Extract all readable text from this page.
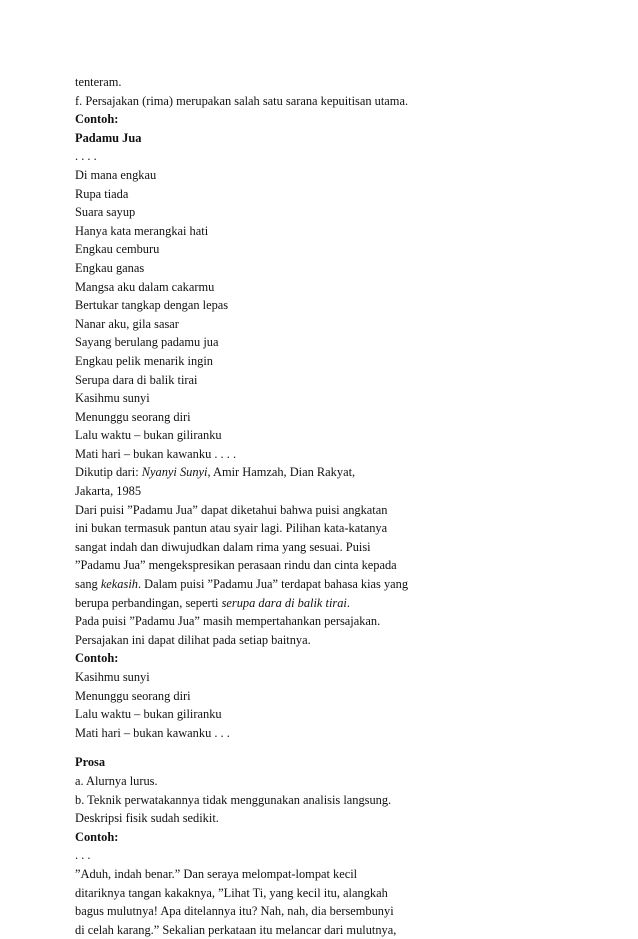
tenteram.
f. Persajakan (rima) merupakan salah satu sarana kepuitisan utama.
Contoh:
Padamu Jua
. . . .
Di mana engkau
Rupa tiada
Suara sayup
Hanya kata merangkai hati
Engkau cemburu
Engkau ganas
Mangsa aku dalam cakarmu
Bertukar tangkap dengan lepas
Nanar aku, gila sasar
Sayang berulang padamu jua
Engkau pelik menarik ingin
Serupa dara di balik tirai
Kasihmu sunyi
Menunggu seorang diri
Lalu waktu – bukan giliranku
Mati hari – bukan kawanku . . . .
Dikutip dari: Nyanyi Sunyi, Amir Hamzah, Dian Rakyat,
Jakarta, 1985
Dari puisi ”Padamu Jua” dapat diketahui bahwa puisi angkatan
ini bukan termasuk pantun atau syair lagi. Pilihan kata-katanya
sangat indah dan diwujudkan dalam rima yang sesuai. Puisi
”Padamu Jua” mengekspresikan perasaan rindu dan cinta kepada
sang kekasih. Dalam puisi ”Padamu Jua” terdapat bahasa kias yang
berupa perbandingan, seperti serupa dara di balik tirai.
Pada puisi ”Padamu Jua” masih mempertahankan persajakan.
Persajakan ini dapat dilihat pada setiap baitnya.
Contoh:
Kasihmu sunyi
Menunggu seorang diri
Lalu waktu – bukan giliranku
Mati hari – bukan kawanku . . .
Prosa
a. Alurnya lurus.
b. Teknik perwatakannya tidak menggunakan analisis langsung.
Deskripsi fisik sudah sedikit.
Contoh:
. . .
”Aduh, indah benar.” Dan seraya melompat-lompat kecil
ditariknya tangan kakaknya, ”Lihat Ti, yang kecil itu, alangkah
bagus mulutnya! Apa ditelannya itu? Nah, nah, dia bersembunyi
di celah karang.” Sekalian perkataan itu melancar dari mulutnya,
